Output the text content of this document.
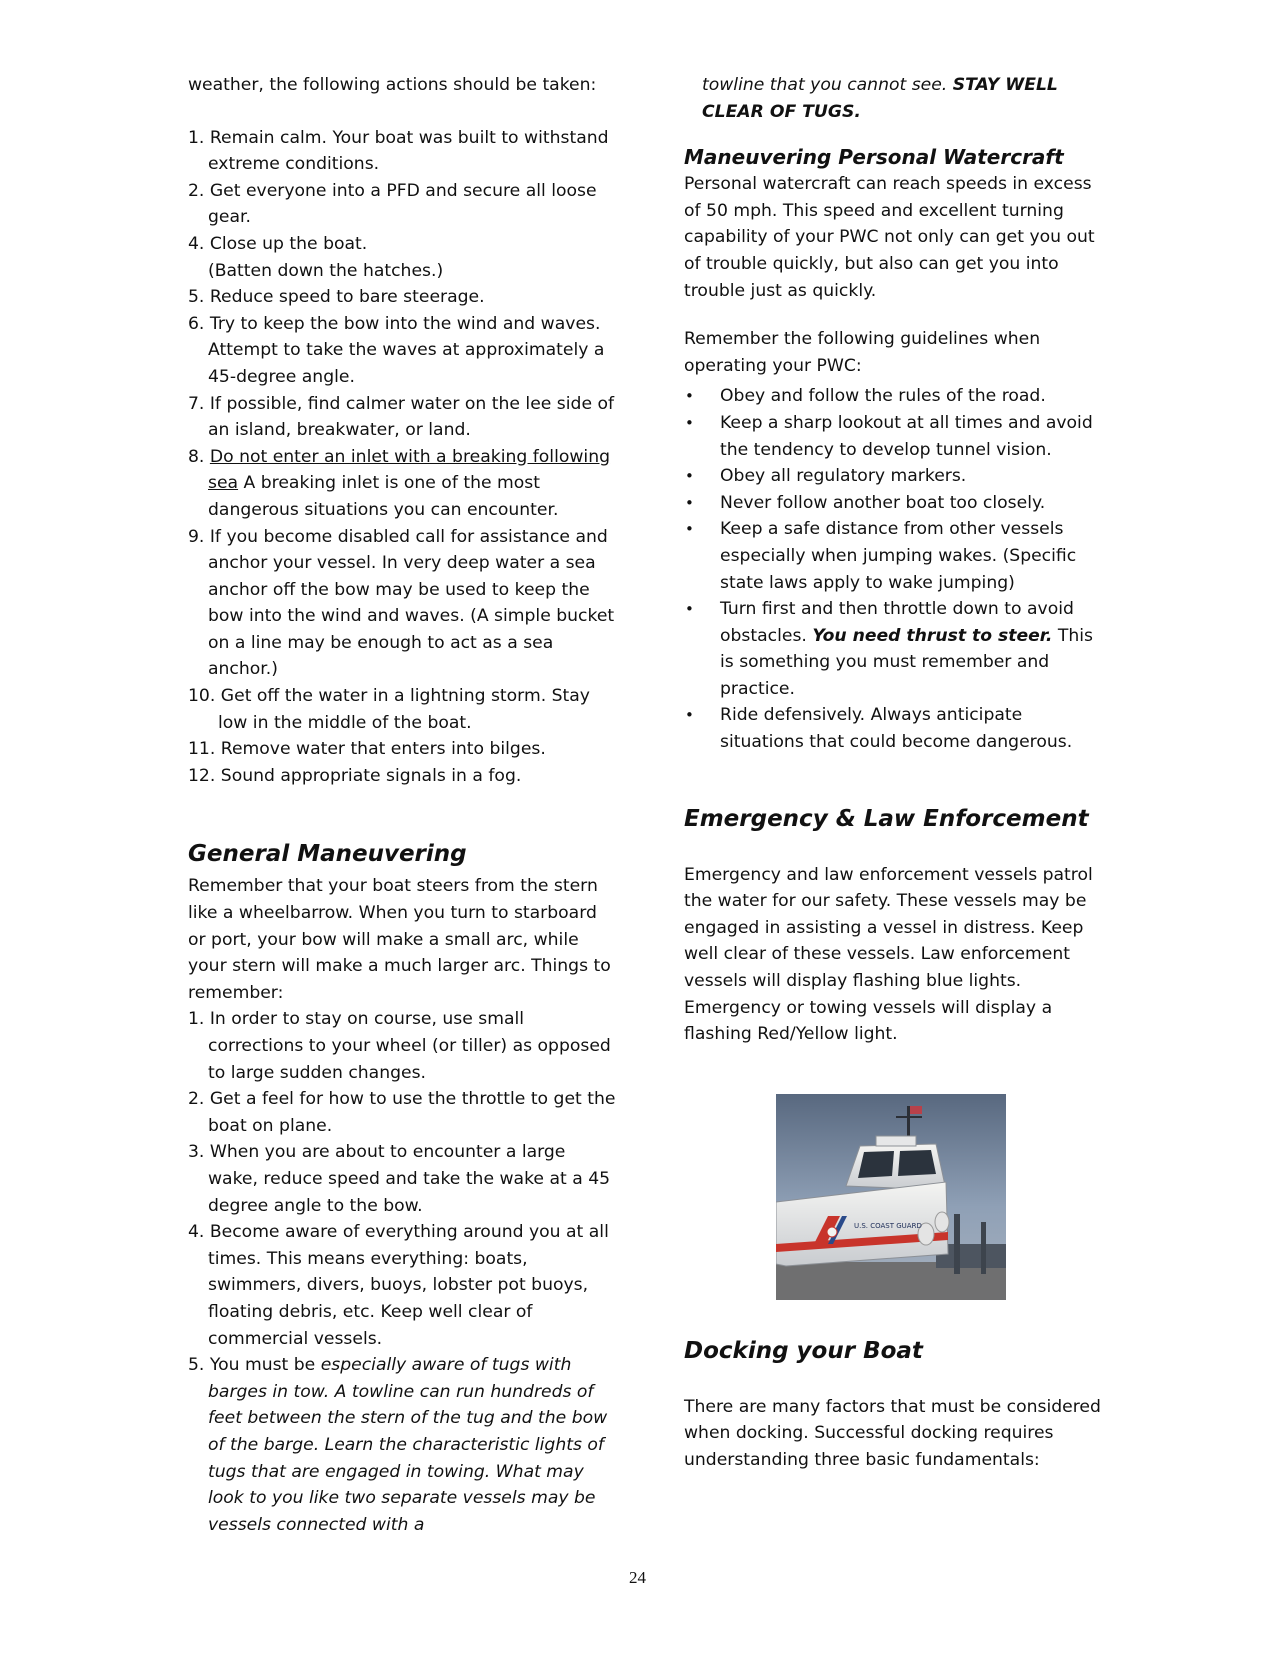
weather, the following actions should be taken:

1. Remain calm. Your boat was built to withstand extreme conditions.
2. Get everyone into a PFD and secure all loose gear.
4. Close up the boat.
(Batten down the hatches.)
5. Reduce speed to bare steerage.
6. Try to keep the bow into the wind and waves. Attempt to take the waves at approximately a 45-degree angle.
7. If possible, find calmer water on the lee side of an island, breakwater, or land.
8. Do not enter an inlet with a breaking following sea A breaking inlet is one of the most dangerous situations you can encounter.
9. If you become disabled call for assistance and anchor your vessel. In very deep water a sea anchor off the bow may be used to keep the bow into the wind and waves. (A simple bucket on a line may be enough to act as a sea anchor.)
10. Get off the water in a lightning storm. Stay low in the middle of the boat.
11. Remove water that enters into bilges.
12. Sound appropriate signals in a fog.
General Maneuvering

Remember that your boat steers from the stern like a wheelbarrow. When you turn to starboard or port, your bow will make a small arc, while your stern will make a much larger arc. Things to remember:

1. In order to stay on course, use small corrections to your wheel (or tiller) as opposed to large sudden changes.
2. Get a feel for how to use the throttle to get the boat on plane.
3. When you are about to encounter a large wake, reduce speed and take the wake at a 45 degree angle to the bow.
4. Become aware of everything around you at all times. This means everything: boats, swimmers, divers, buoys, lobster pot buoys, floating debris, etc. Keep well clear of commercial vessels.
5. You must be especially aware of tugs with barges in tow. A towline can run hundreds of feet between the stern of the tug and the bow of the barge. Learn the characteristic lights of tugs that are engaged in towing. What may look to you like two separate vessels may be vessels connected with a

towline that you cannot see. STAY WELL CLEAR OF TUGS.

Maneuvering Personal Watercraft

Personal watercraft can reach speeds in excess of 50 mph. This speed and excellent turning capability of your PWC not only can get you out of trouble quickly, but also can get you into trouble just as quickly.

Remember the following guidelines when operating your PWC:

• Obey and follow the rules of the road.
• Keep a sharp lookout at all times and avoid the tendency to develop tunnel vision.
• Obey all regulatory markers.
• Never follow another boat too closely.
• Keep a safe distance from other vessels especially when jumping wakes. (Specific state laws apply to wake jumping)
• Turn first and then throttle down to avoid obstacles. You need thrust to steer. This is something you must remember and practice.
• Ride defensively. Always anticipate situations that could become dangerous.
Emergency & Law Enforcement

Emergency and law enforcement vessels patrol the water for our safety. These vessels may be engaged in assisting a vessel in distress. Keep well clear of these vessels. Law enforcement vessels will display flashing blue lights. Emergency or towing vessels will display a flashing Red/Yellow light.

U.S. COAST GUARD
Docking your Boat

There are many factors that must be considered when docking. Successful docking requires understanding three basic fundamentals:

24
